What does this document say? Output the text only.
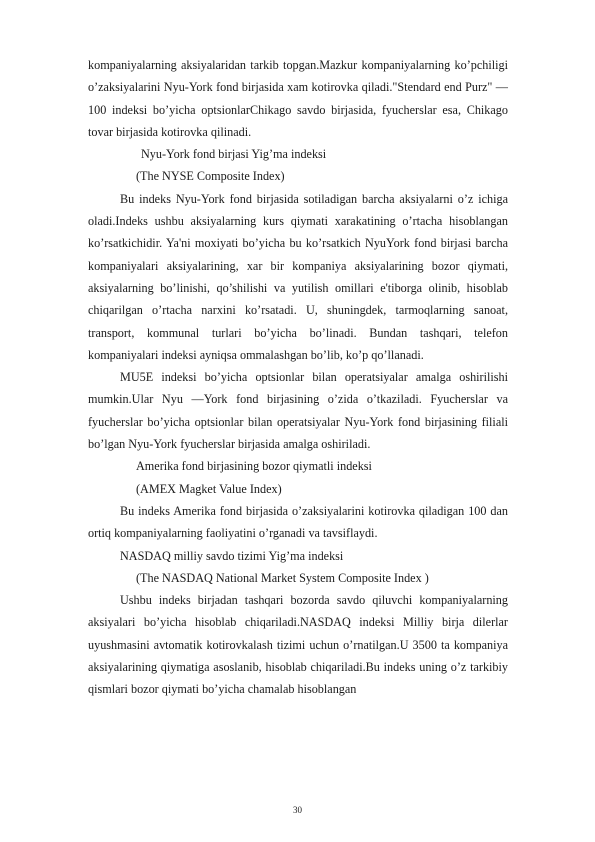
kompaniyalarning aksiyalaridan tarkib topgan.Mazkur kompaniyalarning ko’pchiligi o’zaksiyalarini Nyu-York fond birjasida xam kotirovka qiladi."Stendard end Purz" —100 indeksi bo’yicha optsionlarChikago savdo birjasida, fyucherslar esa, Chikago tovar birjasida kotirovka qilinadi.

Nyu-York fond birjasi Yig’ma indeksi

(The NYSE Composite Index)

Bu indeks Nyu-York fond birjasida sotiladigan barcha aksiyalarni o’z ichiga oladi.Indeks ushbu aksiyalarning kurs qiymati xarakatining o’rtacha hisoblangan ko’rsatkichidir. Ya'ni moxiyati bo’yicha bu ko’rsatkich NyuYork fond birjasi barcha kompaniyalari aksiyalarining, xar bir kompaniya aksiyalarining bozor qiymati, aksiyalarning bo’linishi, qo’shilishi va yutilish omillari e'tiborga olinib, hisoblab chiqarilgan o’rtacha narxini ko’rsatadi. U, shuningdek, tarmoqlarning sanoat, transport, kommunal turlari bo’yicha bo’linadi. Bundan tashqari, telefon kompaniyalari indeksi ayniqsa ommalashgan bo’lib, ko’p qo’llanadi.

MU5E indeksi bo’yicha optsionlar bilan operatsiyalar amalga oshirilishi mumkin.Ular Nyu —York fond birjasining o’zida o’tkaziladi. Fyucherslar va fyucherslar bo’yicha optsionlar bilan operatsiyalar Nyu-York fond birjasining filiali bo’lgan Nyu-York fyucherslar birjasida amalga oshiriladi.

Amerika fond birjasining bozor qiymatli indeksi

(AMEX Magket Value Index)

Bu indeks Amerika fond birjasida o’zaksiyalarini kotirovka qiladigan 100 dan ortiq kompaniyalarning faoliyatini o’rganadi va tavsiflaydi.

NASDAQ milliy savdo tizimi Yig’ma indeksi

(The NASDAQ National Market System Composite Index )

Ushbu indeks birjadan tashqari bozorda savdo qiluvchi kompaniyalarning aksiyalari bo’yicha hisoblab chiqariladi.NASDAQ indeksi Milliy birja dilerlar uyushmasini avtomatik kotirovkalash tizimi uchun o’rnatilgan.U 3500 ta kompaniya aksiyalarining qiymatiga asoslanib, hisoblab chiqariladi.Bu indeks uning o’z tarkibiy qismlari bozor qiymati bo’yicha chamalab hisoblangan

30
